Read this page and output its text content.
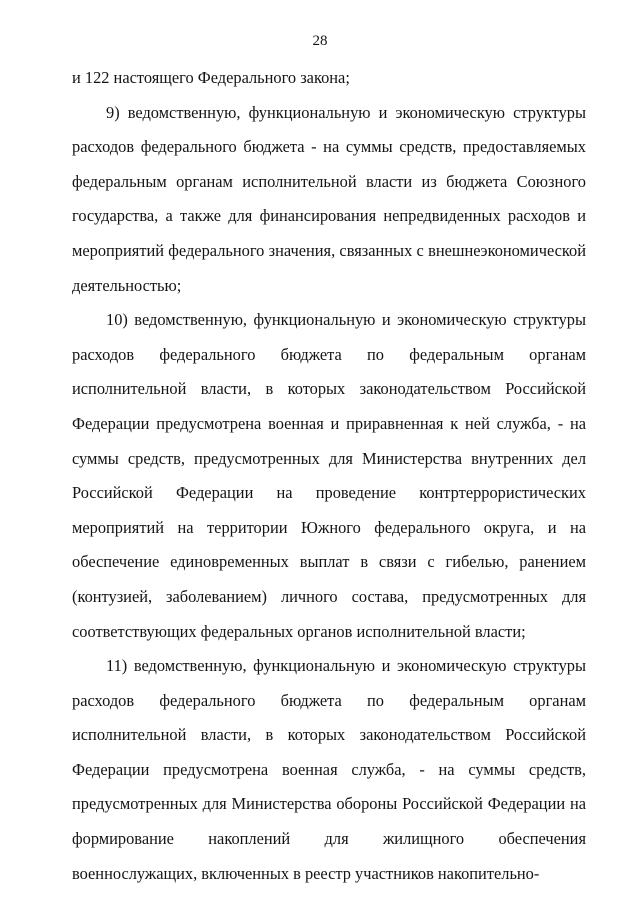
28

и 122 настоящего Федерального закона;

9) ведомственную, функциональную и экономическую структуры расходов федерального бюджета - на суммы средств, предоставляемых федеральным органам исполнительной власти из бюджета Союзного государства, а также для финансирования непредвиденных расходов и мероприятий федерального значения, связанных с внешнеэкономической деятельностью;

10) ведомственную, функциональную и экономическую структуры расходов федерального бюджета по федеральным органам исполнительной власти, в которых законодательством Российской Федерации предусмотрена военная и приравненная к ней служба, - на суммы средств, предусмотренных для Министерства внутренних дел Российской Федерации на проведение контртеррористических мероприятий на территории Южного федерального округа, и на обеспечение единовременных выплат в связи с гибелью, ранением (контузией, заболеванием) личного состава, предусмотренных для соответствующих федеральных органов исполнительной власти;

11) ведомственную, функциональную и экономическую структуры расходов федерального бюджета по федеральным органам исполнительной власти, в которых законодательством Российской Федерации предусмотрена военная служба, - на суммы средств, предусмотренных для Министерства обороны Российской Федерации на формирование накоплений для жилищного обеспечения военнослужащих, включенных в реестр участников накопительно-
